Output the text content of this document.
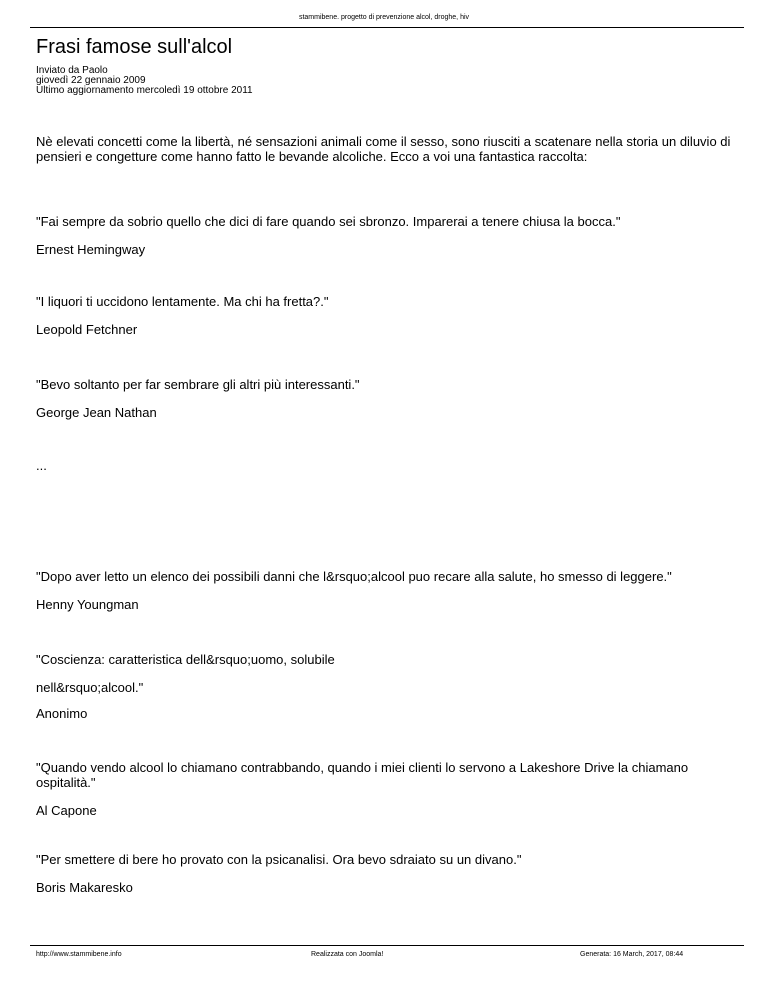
stammibene. progetto di prevenzione alcol, droghe, hiv
Frasi famose sull'alcol
Inviato da Paolo
giovedì 22 gennaio 2009
Ultimo aggiornamento mercoledì 19 ottobre 2011
Nè elevati concetti come la libertà, né sensazioni animali come il sesso, sono riusciti a scatenare nella storia un diluvio di
pensieri e congetture come hanno fatto le bevande alcoliche. Ecco a voi una fantastica raccolta:
"Fai sempre da sobrio quello che dici di fare quando sei sbronzo. Imparerai a tenere chiusa la bocca."
Ernest Hemingway
"I liquori ti uccidono lentamente. Ma chi ha fretta?."
Leopold Fetchner
"Bevo soltanto per far sembrare gli altri più interessanti."
George Jean Nathan
...
"Dopo aver letto un elenco dei possibili danni che l&rsquo;alcool puo recare alla salute, ho smesso di leggere."
Henny Youngman
"Coscienza: caratteristica dell&rsquo;uomo, solubile
nell&rsquo;alcool."
Anonimo
"Quando vendo alcool lo chiamano contrabbando, quando i miei clienti lo servono a Lakeshore Drive la chiamano
ospitalità."
Al Capone
"Per smettere di bere ho provato con la psicanalisi. Ora bevo sdraiato su un divano."
Boris Makaresko
http://www.stammibene.info	Realizzata con Joomla!	Generata: 16 March, 2017, 08:44
